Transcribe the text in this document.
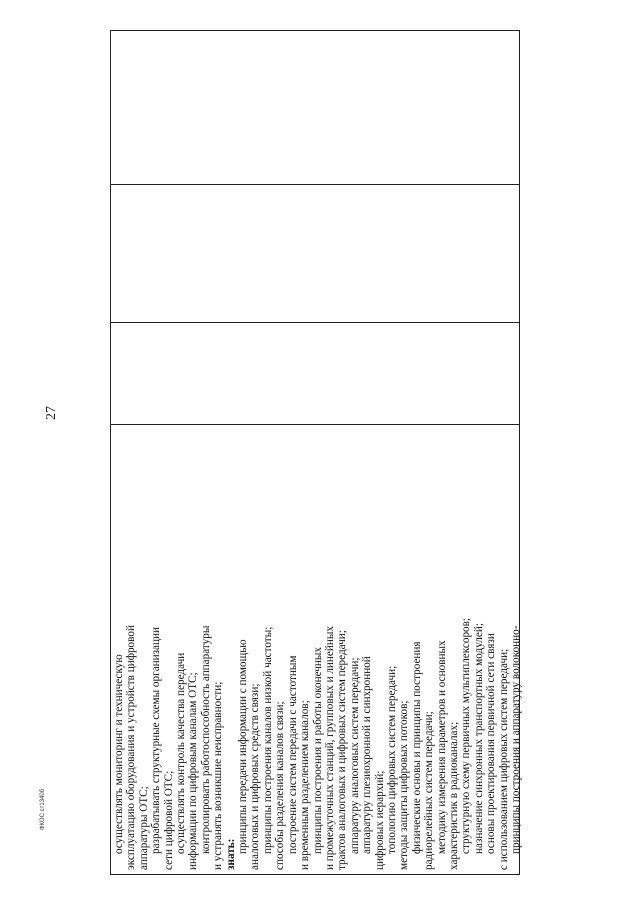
27
осуществлять мониторинг и техническую эксплуатацию оборудования и устройств цифровой аппаратуры ОТС; разрабатывать структурные схемы организации сети цифровой ОТС; осуществлять контроль качества передачи информации по цифровым каналам ОТС; контролировать работоспособность аппаратуры и устранять возникшие неисправности; знать:
принципы передачи информации с помощью аналоговых и цифровых средств связи; принципы построения каналов низкой частоты; способы разделения каналов связи; построение систем передачи с частотным и временным разделением каналов; принципы построения и работы оконечных и промежуточных станций, групповых и линейных трактов аналоговых и цифровых систем передачи; аппаратуру аналоговых систем передачи; аппаратуру плезиохронной и синхронной цифровых иерархий; топологию цифровых систем передачи; методы защиты цифровых потоков; физические основы и принципы построения радиорелейных систем передачи; методику измерения параметров и основных характеристик в радиоканалах; структурную схему первичных мультиплексоров; назначение синхронных транспортных модулей; основы проектирования первичной сети связи с использованием цифровых систем передачи; принципы построения и аппаратуру волоконно-
ФКОС ст1340б
